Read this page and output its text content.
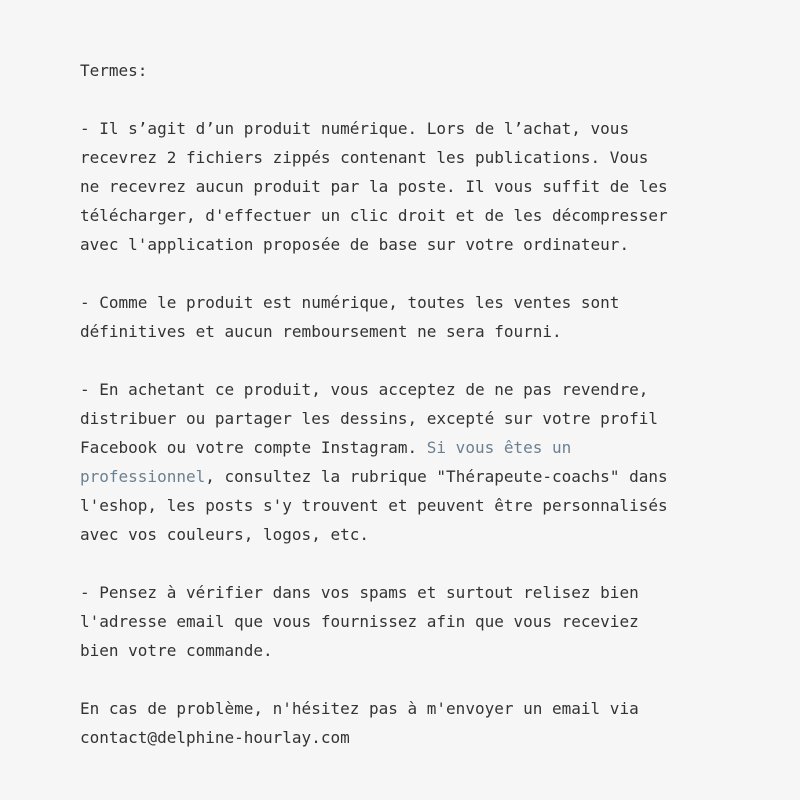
Termes:

- Il s’agit d’un produit numérique. Lors de l’achat, vous
recevrez 2 fichiers zippés contenant les publications. Vous
ne recevrez aucun produit par la poste. Il vous suffit de les
télécharger, d'effectuer un clic droit et de les décompresser
avec l'application proposée de base sur votre ordinateur.

- Comme le produit est numérique, toutes les ventes sont
définitives et aucun remboursement ne sera fourni.

- En achetant ce produit, vous acceptez de ne pas revendre,
distribuer ou partager les dessins, excepté sur votre profil
Facebook ou votre compte Instagram. Si vous êtes un
professionnel, consultez la rubrique "Thérapeute-coachs" dans
l'eshop, les posts s'y trouvent et peuvent être personnalisés
avec vos couleurs, logos, etc.

- Pensez à vérifier dans vos spams et surtout relisez bien
l'adresse email que vous fournissez afin que vous receviez
bien votre commande.

En cas de problème, n'hésitez pas à m'envoyer un email via
contact@delphine-hourlay.com
